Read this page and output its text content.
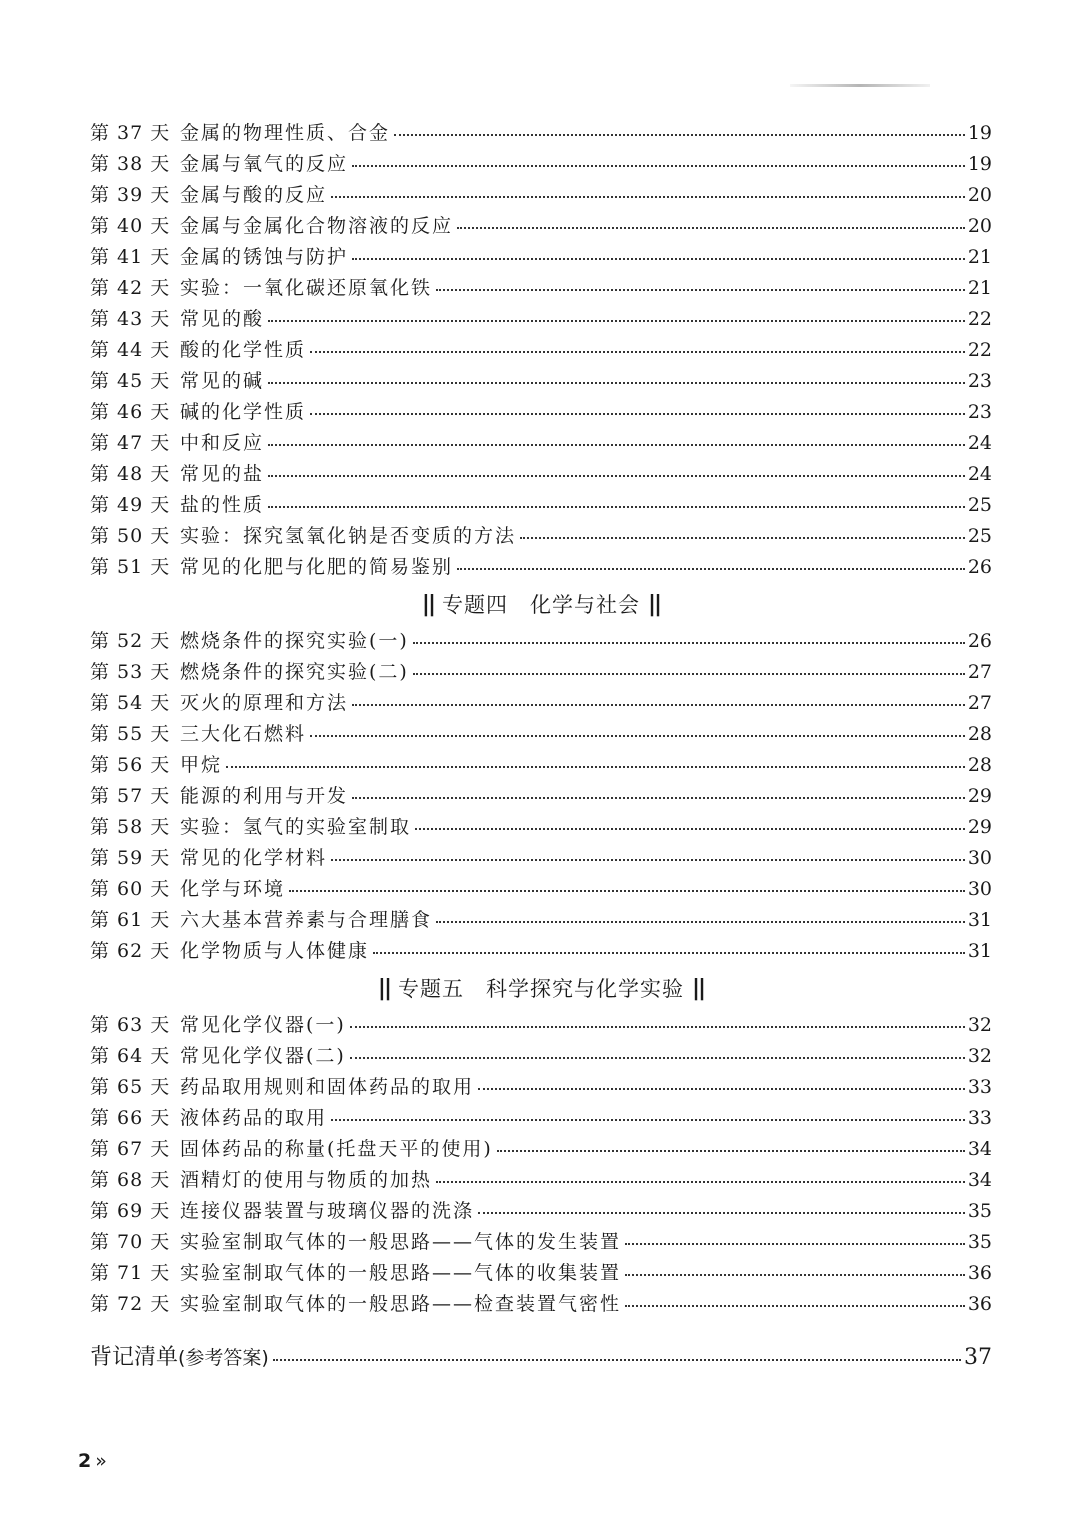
第 37 天 金属的物理性质、合金	19
第 38 天 金属与氧气的反应	19
第 39 天 金属与酸的反应	20
第 40 天 金属与金属化合物溶液的反应	20
第 41 天 金属的锈蚀与防护	21
第 42 天 实验：一氧化碳还原氧化铁	21
第 43 天 常见的酸	22
第 44 天 酸的化学性质	22
第 45 天 常见的碱	23
第 46 天 碱的化学性质	23
第 47 天 中和反应	24
第 48 天 常见的盐	24
第 49 天 盐的性质	25
第 50 天 实验：探究氢氧化钠是否变质的方法	25
第 51 天 常见的化肥与化肥的简易鉴别	26
|| 专题四 化学与社会 ||
第 52 天 燃烧条件的探究实验(一)	26
第 53 天 燃烧条件的探究实验(二)	27
第 54 天 灭火的原理和方法	27
第 55 天 三大化石燃料	28
第 56 天 甲烷	28
第 57 天 能源的利用与开发	29
第 58 天 实验：氢气的实验室制取	29
第 59 天 常见的化学材料	30
第 60 天 化学与环境	30
第 61 天 六大基本营养素与合理膳食	31
第 62 天 化学物质与人体健康	31
|| 专题五 科学探究与化学实验 ||
第 63 天 常见化学仪器(一)	32
第 64 天 常见化学仪器(二)	32
第 65 天 药品取用规则和固体药品的取用	33
第 66 天 液体药品的取用	33
第 67 天 固体药品的称量(托盘天平的使用)	34
第 68 天 酒精灯的使用与物质的加热	34
第 69 天 连接仪器装置与玻璃仪器的洗涤	35
第 70 天 实验室制取气体的一般思路——气体的发生装置	35
第 71 天 实验室制取气体的一般思路——气体的收集装置	36
第 72 天 实验室制取气体的一般思路——检查装置气密性	36
背记清单 (参考答案)	37
2 »
